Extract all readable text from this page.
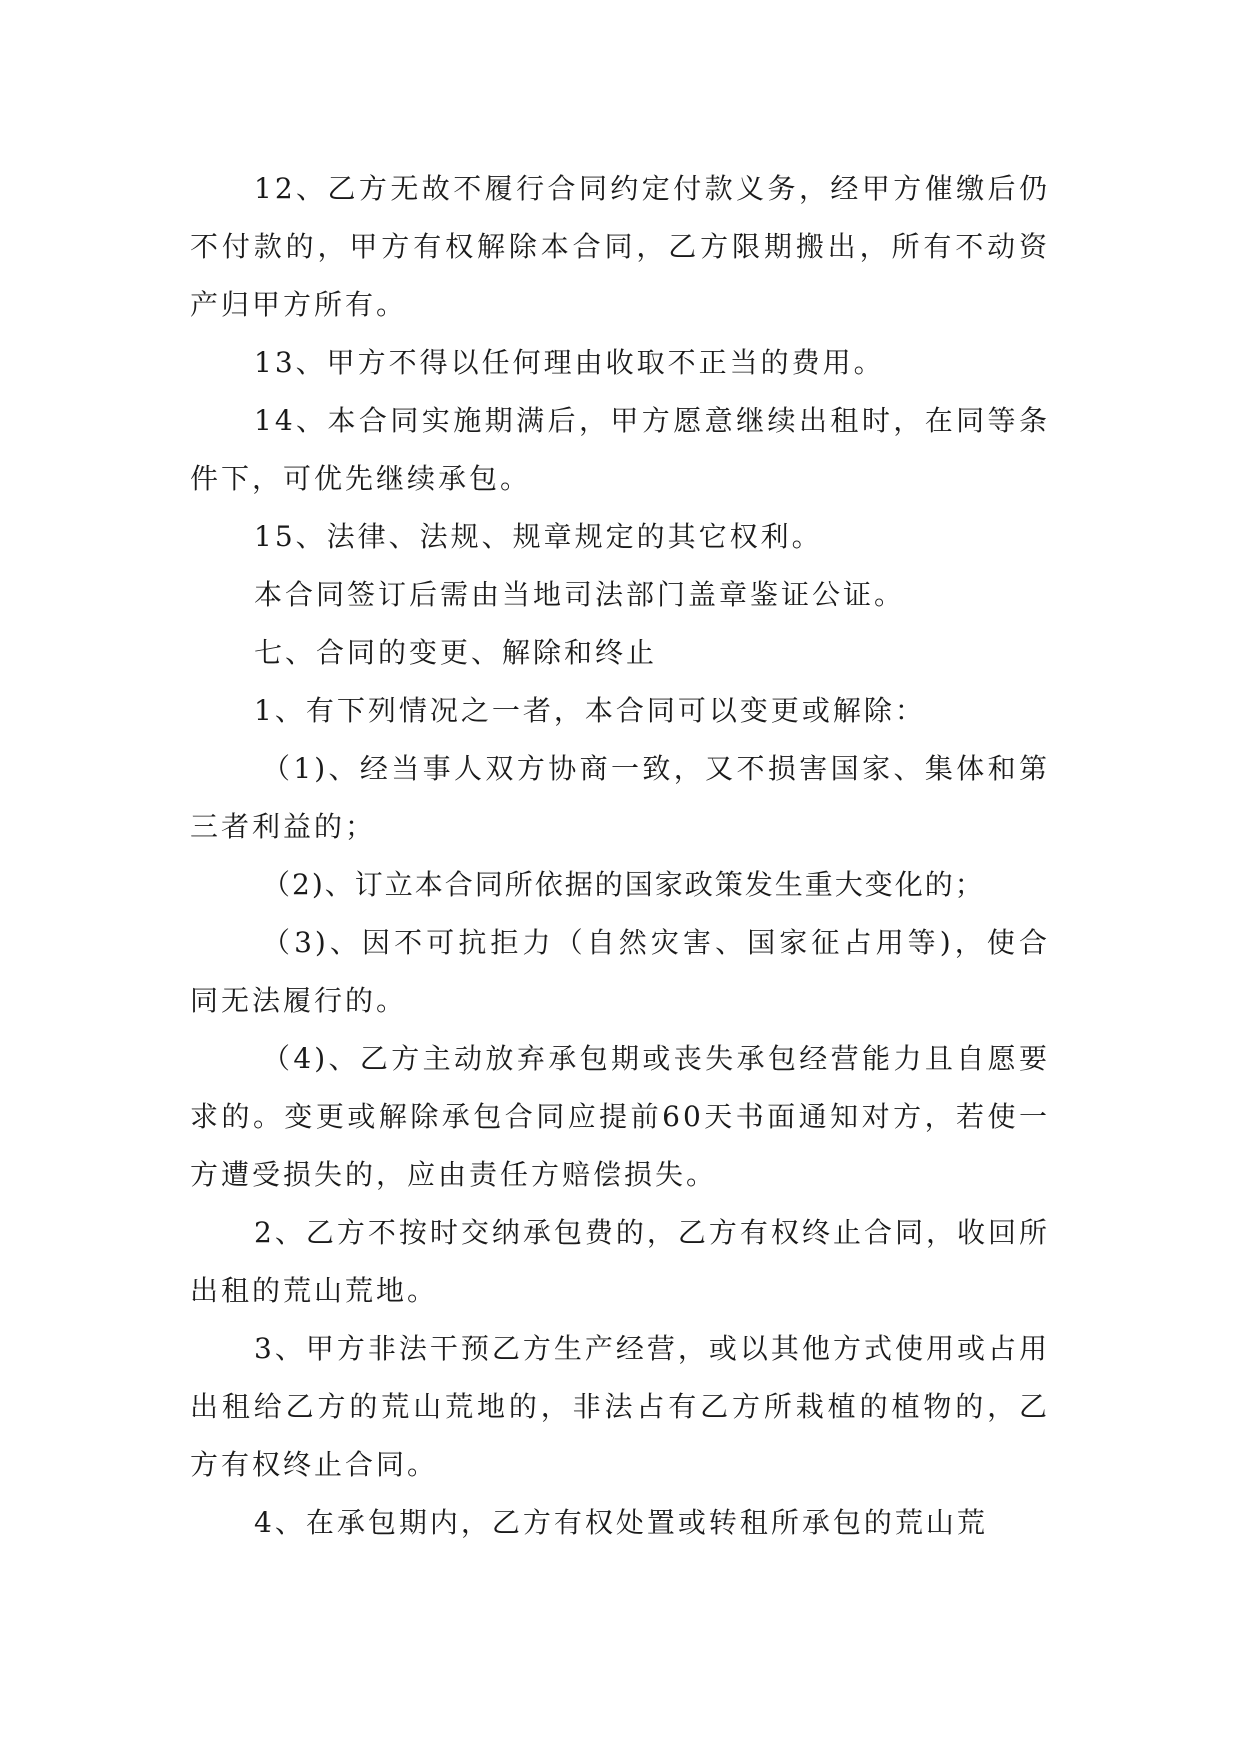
12、乙方无故不履行合同约定付款义务，经甲方催缴后仍不付款的，甲方有权解除本合同，乙方限期搬出，所有不动资产归甲方所有。

13、甲方不得以任何理由收取不正当的费用。

14、本合同实施期满后，甲方愿意继续出租时，在同等条件下，可优先继续承包。

15、法律、法规、规章规定的其它权利。

本合同签订后需由当地司法部门盖章鉴证公证。

七、合同的变更、解除和终止

1、有下列情况之一者，本合同可以变更或解除：

（1)、经当事人双方协商一致，又不损害国家、集体和第三者利益的；

（2)、订立本合同所依据的国家政策发生重大变化的；

（3)、因不可抗拒力（自然灾害、国家征占用等)，使合同无法履行的。

（4)、乙方主动放弃承包期或丧失承包经营能力且自愿要求的。变更或解除承包合同应提前60天书面通知对方，若使一方遭受损失的，应由责任方赔偿损失。

2、乙方不按时交纳承包费的，乙方有权终止合同，收回所出租的荒山荒地。

3、甲方非法干预乙方生产经营，或以其他方式使用或占用出租给乙方的荒山荒地的，非法占有乙方所栽植的植物的，乙方有权终止合同。

4、在承包期内，乙方有权处置或转租所承包的荒山荒
